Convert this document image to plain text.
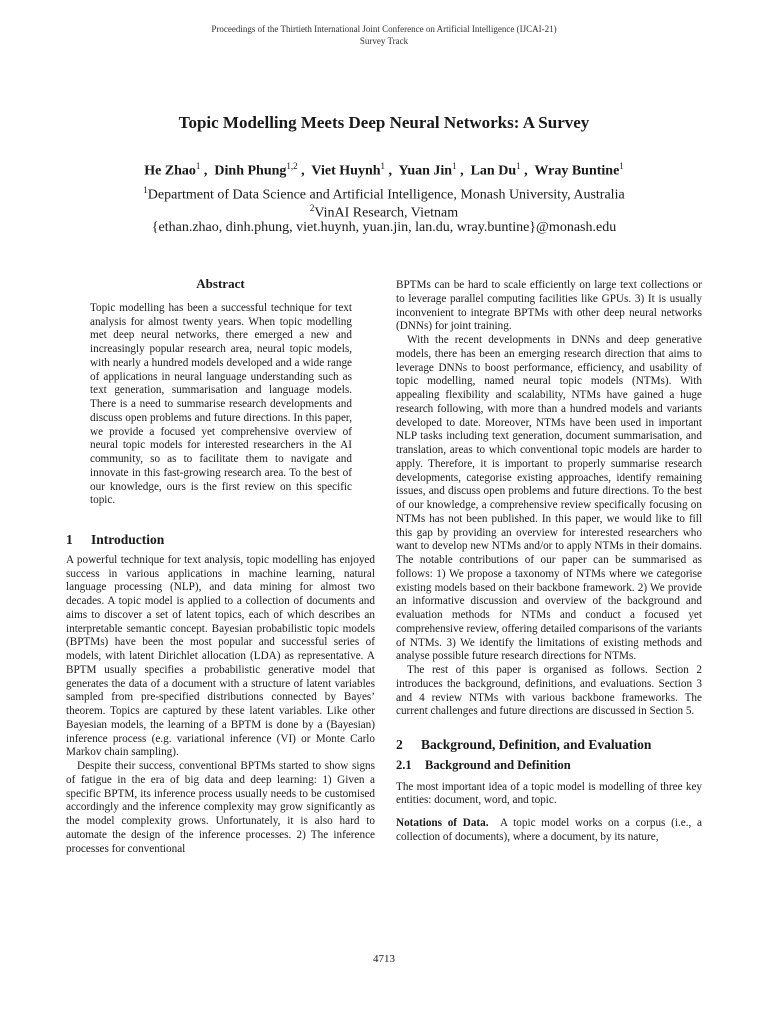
Proceedings of the Thirtieth International Joint Conference on Artificial Intelligence (IJCAI-21)
Survey Track
Topic Modelling Meets Deep Neural Networks: A Survey
He Zhao$^1$ ,  Dinh Phung$^{1,2}$ ,  Viet Huynh$^1$ ,  Yuan Jin$^1$ ,  Lan Du$^1$ ,  Wray Buntine$^1$
$^1$Department of Data Science and Artificial Intelligence, Monash University, Australia
$^2$VinAI Research, Vietnam
{ethan.zhao, dinh.phung, viet.huynh, yuan.jin, lan.du, wray.buntine}@monash.edu
Abstract
Topic modelling has been a successful technique for text analysis for almost twenty years. When topic modelling met deep neural networks, there emerged a new and increasingly popular research area, neural topic models, with nearly a hundred models developed and a wide range of applications in neural language understanding such as text generation, summarisation and language models. There is a need to summarise research developments and discuss open problems and future directions. In this paper, we provide a focused yet comprehensive overview of neural topic models for interested researchers in the AI community, so as to facilitate them to navigate and innovate in this fast-growing research area. To the best of our knowledge, ours is the first review on this specific topic.
1 Introduction

A powerful technique for text analysis, topic modelling has enjoyed success in various applications in machine learning, natural language processing (NLP), and data mining for almost two decades. A topic model is applied to a collection of documents and aims to discover a set of latent topics, each of which describes an interpretable semantic concept. Bayesian probabilistic topic models (BPTMs) have been the most popular and successful series of models, with latent Dirichlet allocation (LDA) as representative. A BPTM usually specifies a probabilistic generative model that generates the data of a document with a structure of latent variables sampled from pre-specified distributions connected by Bayes’ theorem. Topics are captured by these latent variables. Like other Bayesian models, the learning of a BPTM is done by a (Bayesian) inference process (e.g. variational inference (VI) or Monte Carlo Markov chain sampling).

Despite their success, conventional BPTMs started to show signs of fatigue in the era of big data and deep learning: 1) Given a specific BPTM, its inference process usually needs to be customised accordingly and the inference complexity may grow significantly as the model complexity grows. Unfortunately, it is also hard to automate the design of the inference processes. 2) The inference processes for conventional

BPTMs can be hard to scale efficiently on large text collections or to leverage parallel computing facilities like GPUs. 3) It is usually inconvenient to integrate BPTMs with other deep neural networks (DNNs) for joint training.

With the recent developments in DNNs and deep generative models, there has been an emerging research direction that aims to leverage DNNs to boost performance, efficiency, and usability of topic modelling, named neural topic models (NTMs). With appealing flexibility and scalability, NTMs have gained a huge research following, with more than a hundred models and variants developed to date. Moreover, NTMs have been used in important NLP tasks including text generation, document summarisation, and translation, areas to which conventional topic models are harder to apply. Therefore, it is important to properly summarise research developments, categorise existing approaches, identify remaining issues, and discuss open problems and future directions. To the best of our knowledge, a comprehensive review specifically focusing on NTMs has not been published. In this paper, we would like to fill this gap by providing an overview for interested researchers who want to develop new NTMs and/or to apply NTMs in their domains. The notable contributions of our paper can be summarised as follows: 1) We propose a taxonomy of NTMs where we categorise existing models based on their backbone framework. 2) We provide an informative discussion and overview of the background and evaluation methods for NTMs and conduct a focused yet comprehensive review, offering detailed comparisons of the variants of NTMs. 3) We identify the limitations of existing methods and analyse possible future research directions for NTMs.

The rest of this paper is organised as follows. Section 2 introduces the background, definitions, and evaluations. Section 3 and 4 review NTMs with various backbone frameworks. The current challenges and future directions are discussed in Section 5.

2 Background, Definition, and Evaluation
2.1 Background and Definition

The most important idea of a topic model is modelling of three key entities: document, word, and topic.

Notations of Data. A topic model works on a corpus (i.e., a collection of documents), where a document, by its nature,

4713
